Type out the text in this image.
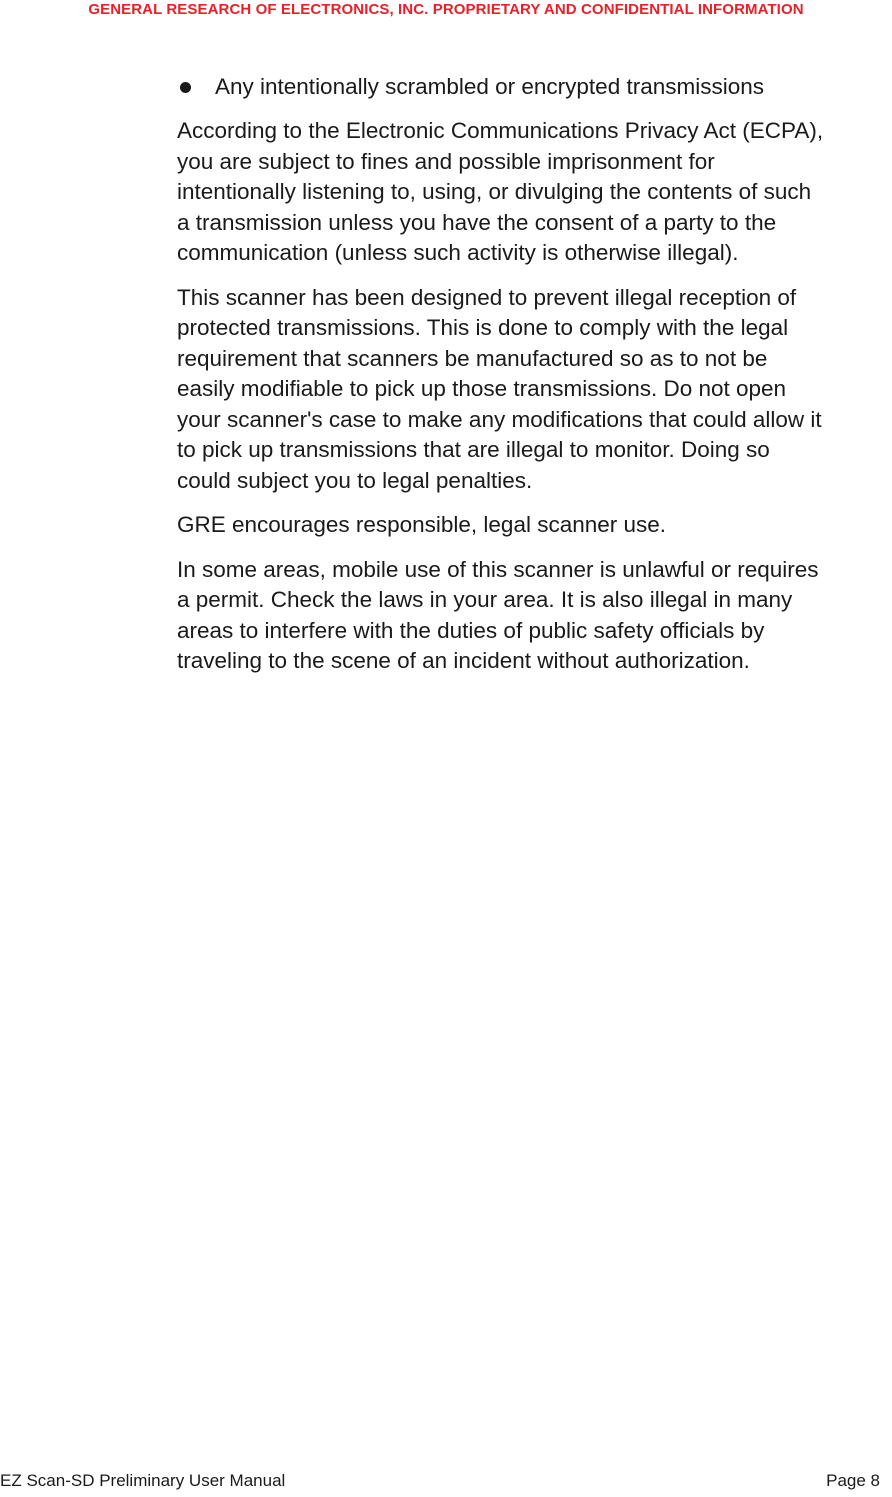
GENERAL RESEARCH OF ELECTRONICS, INC. PROPRIETARY AND CONFIDENTIAL INFORMATION
Any intentionally scrambled or encrypted transmissions

According to the Electronic Communications Privacy Act (ECPA),
you are subject to fines and possible imprisonment for
intentionally listening to, using, or divulging the contents of such
a transmission unless you have the consent of a party to the
communication (unless such activity is otherwise illegal).

This scanner has been designed to prevent illegal reception of
protected transmissions. This is done to comply with the legal
requirement that scanners be manufactured so as to not be
easily modifiable to pick up those transmissions. Do not open
your scanner's case to make any modifications that could allow it
to pick up transmissions that are illegal to monitor. Doing so
could subject you to legal penalties.

GRE encourages responsible, legal scanner use.

In some areas, mobile use of this scanner is unlawful or requires
a permit. Check the laws in your area. It is also illegal in many
areas to interfere with the duties of public safety officials by
traveling to the scene of an incident without authorization.

EZ Scan-SD Preliminary User Manual	Page 8
